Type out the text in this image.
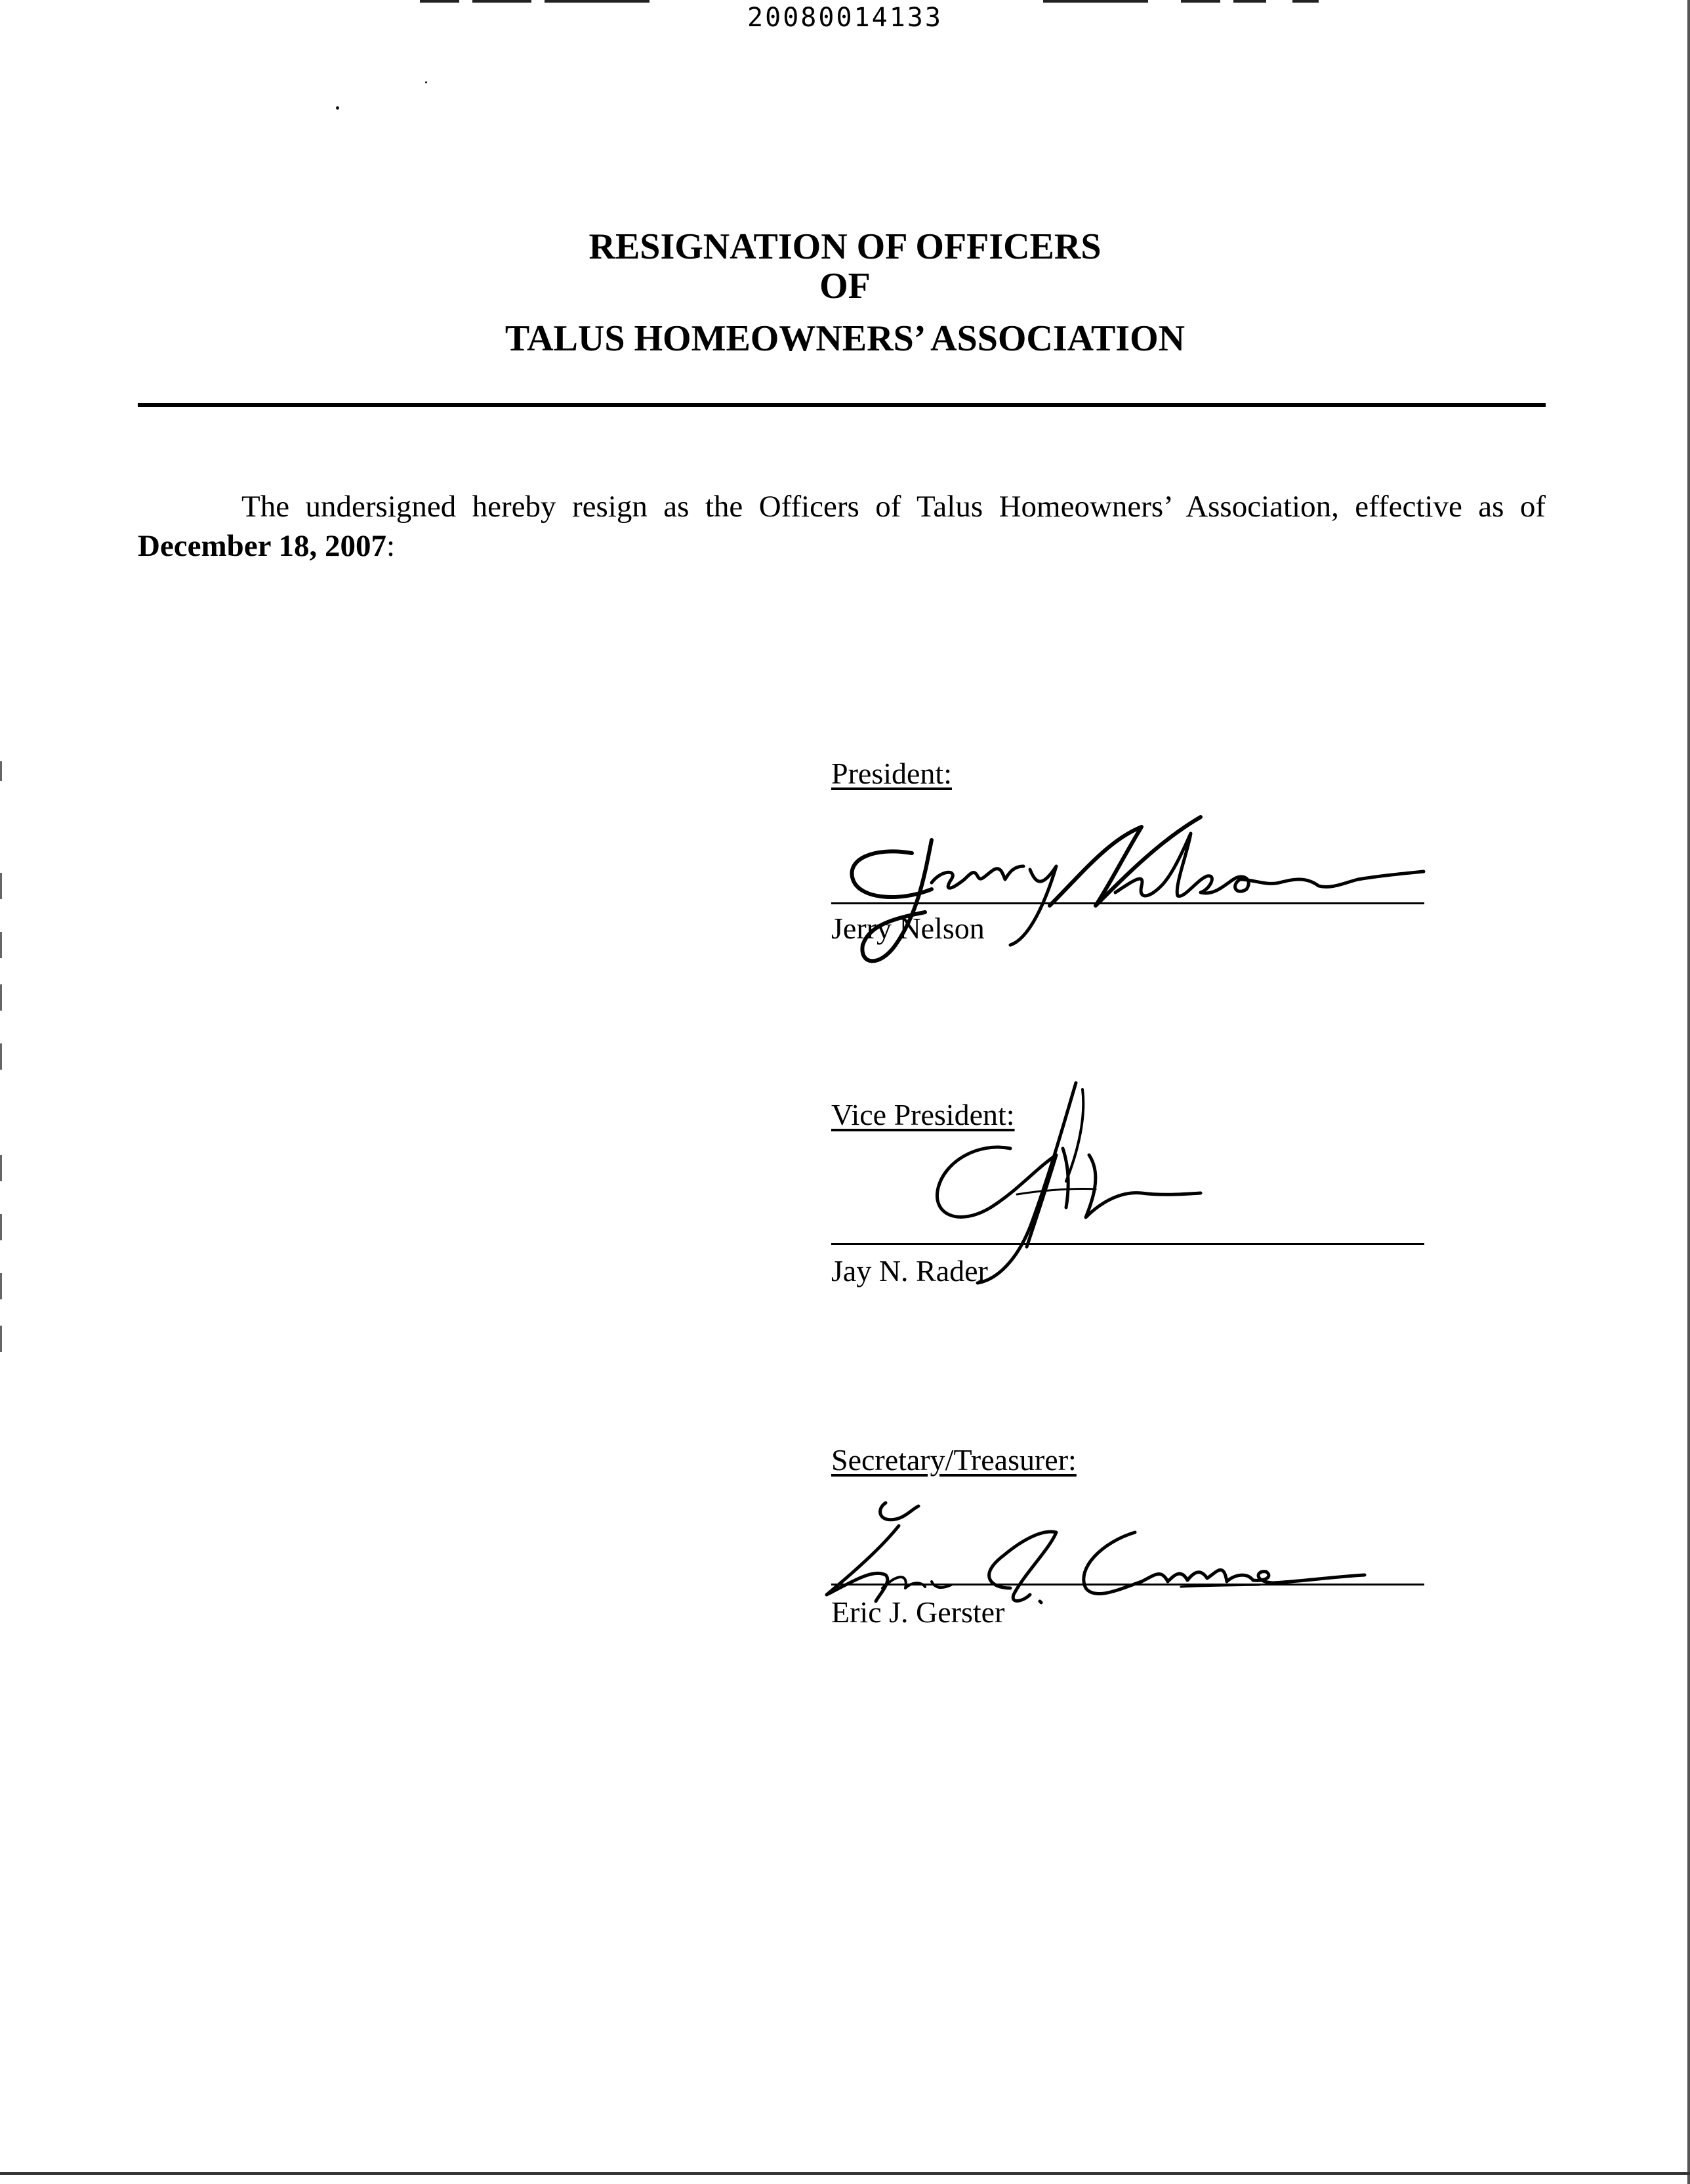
20080014133
RESIGNATION OF OFFICERS
OF
TALUS HOMEOWNERS’ ASSOCIATION
The undersigned hereby resign as the Officers of Talus Homeowners’ Association, effective as of December 18, 2007:
President:
Jerry Nelson
Vice President:
Jay N. Rader
Secretary/Treasurer:
Eric J. Gerster
